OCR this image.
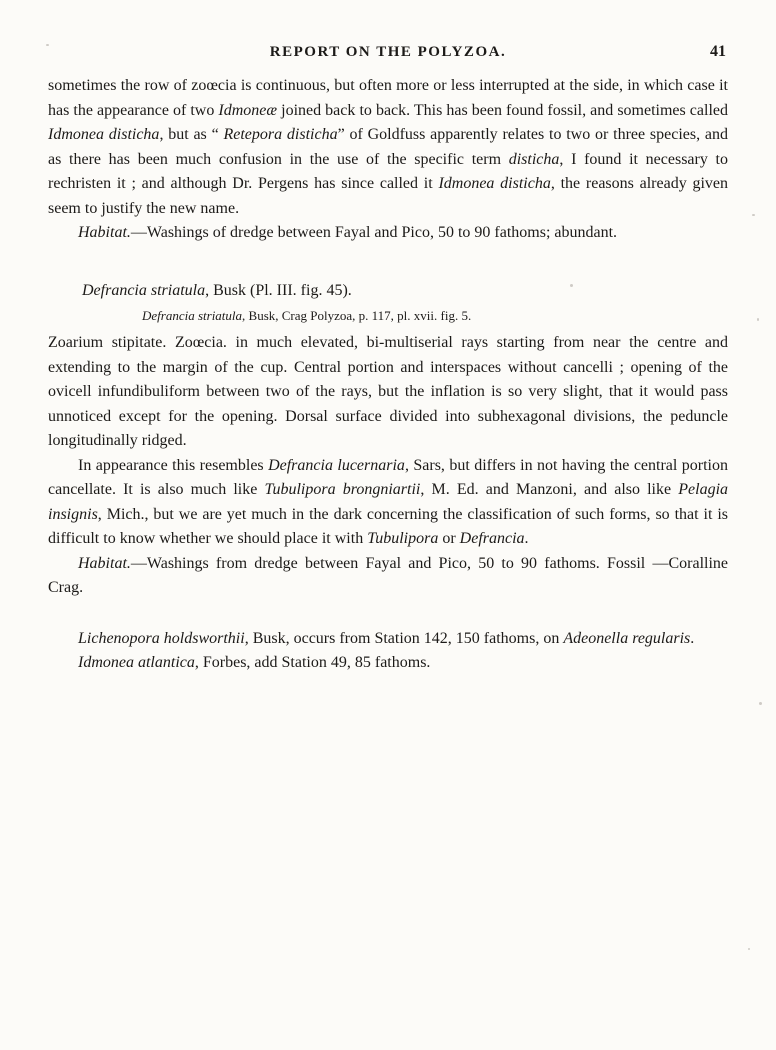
REPORT ON THE POLYZOA.	41

sometimes the row of zoœcia is continuous, but often more or less interrupted at the side, in which case it has the appearance of two Idmoneæ joined back to back. This has been found fossil, and sometimes called Idmonea disticha, but as “ Retepora disticha” of Goldfuss apparently relates to two or three species, and as there has been much confusion in the use of the specific term disticha, I found it necessary to rechristen it ; and although Dr. Pergens has since called it Idmonea disticha, the reasons already given seem to justify the new name.

Habitat.—Washings of dredge between Fayal and Pico, 50 to 90 fathoms; abundant.

Defrancia striatula, Busk (Pl. III. fig. 45).

Defrancia striatula, Busk, Crag Polyzoa, p. 117, pl. xvii. fig. 5.

Zoarium stipitate. Zoœcia. in much elevated, bi-multiserial rays starting from near the centre and extending to the margin of the cup. Central portion and interspaces without cancelli ; opening of the ovicell infundibuliform between two of the rays, but the inflation is so very slight, that it would pass unnoticed except for the opening. Dorsal surface divided into subhexagonal divisions, the peduncle longitudinally ridged.

In appearance this resembles Defrancia lucernaria, Sars, but differs in not having the central portion cancellate. It is also much like Tubulipora brongniartii, M. Ed. and Manzoni, and also like Pelagia insignis, Mich., but we are yet much in the dark concerning the classification of such forms, so that it is difficult to know whether we should place it with Tubulipora or Defrancia.

Habitat.—Washings from dredge between Fayal and Pico, 50 to 90 fathoms. Fossil —Coralline Crag.

Lichenopora holdsworthii, Busk, occurs from Station 142, 150 fathoms, on Adeonella regularis.

Idmonea atlantica, Forbes, add Station 49, 85 fathoms.
